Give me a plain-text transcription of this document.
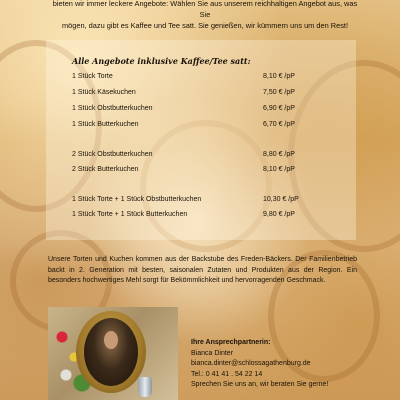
bieten wir immer leckere Angebote: Wählen Sie aus unserem reichhaltigen Angebot aus, was Sie
mögen, dazu gibt es Kaffee und Tee satt. Sie genießen, wir kümmern uns um den Rest!
Alle Angebote inklusive Kaffee/Tee satt:
1 Stück Torte	8,10 € /pP
1 Stück Käsekuchen	7,50 € /pP
1 Stück Obstbutterkuchen	6,90 € /pP
1 Stück Butterkuchen	6,70 € /pP
2 Stück Obstbutterkuchen	8,80 € /pP
2 Stück Butterkuchen	8,10 € /pP
1 Stück Torte + 1 Stück Obstbutterkuchen	10,30 € /pP
1 Stück Torte + 1 Stück Butterkuchen	9,80 € /pP
Unsere Torten und Kuchen kommen aus der Backstube des Freden-Bäckers. Der Familienbetrieb backt in 2. Generation mit besten, saisonalen Zutaten und Produkten aus der Region. Ein besonders hochwertiges Mehl sorgt für Bekömmlichkeit und hervorragenden Geschmack.
Ihre Ansprechpartnerin:
Bianca Dinter
bianca.dinter@schlossagathenburg.de
Tel.: 0 41 41 . 54 22 14
Sprechen Sie uns an, wir beraten Sie gerne!
